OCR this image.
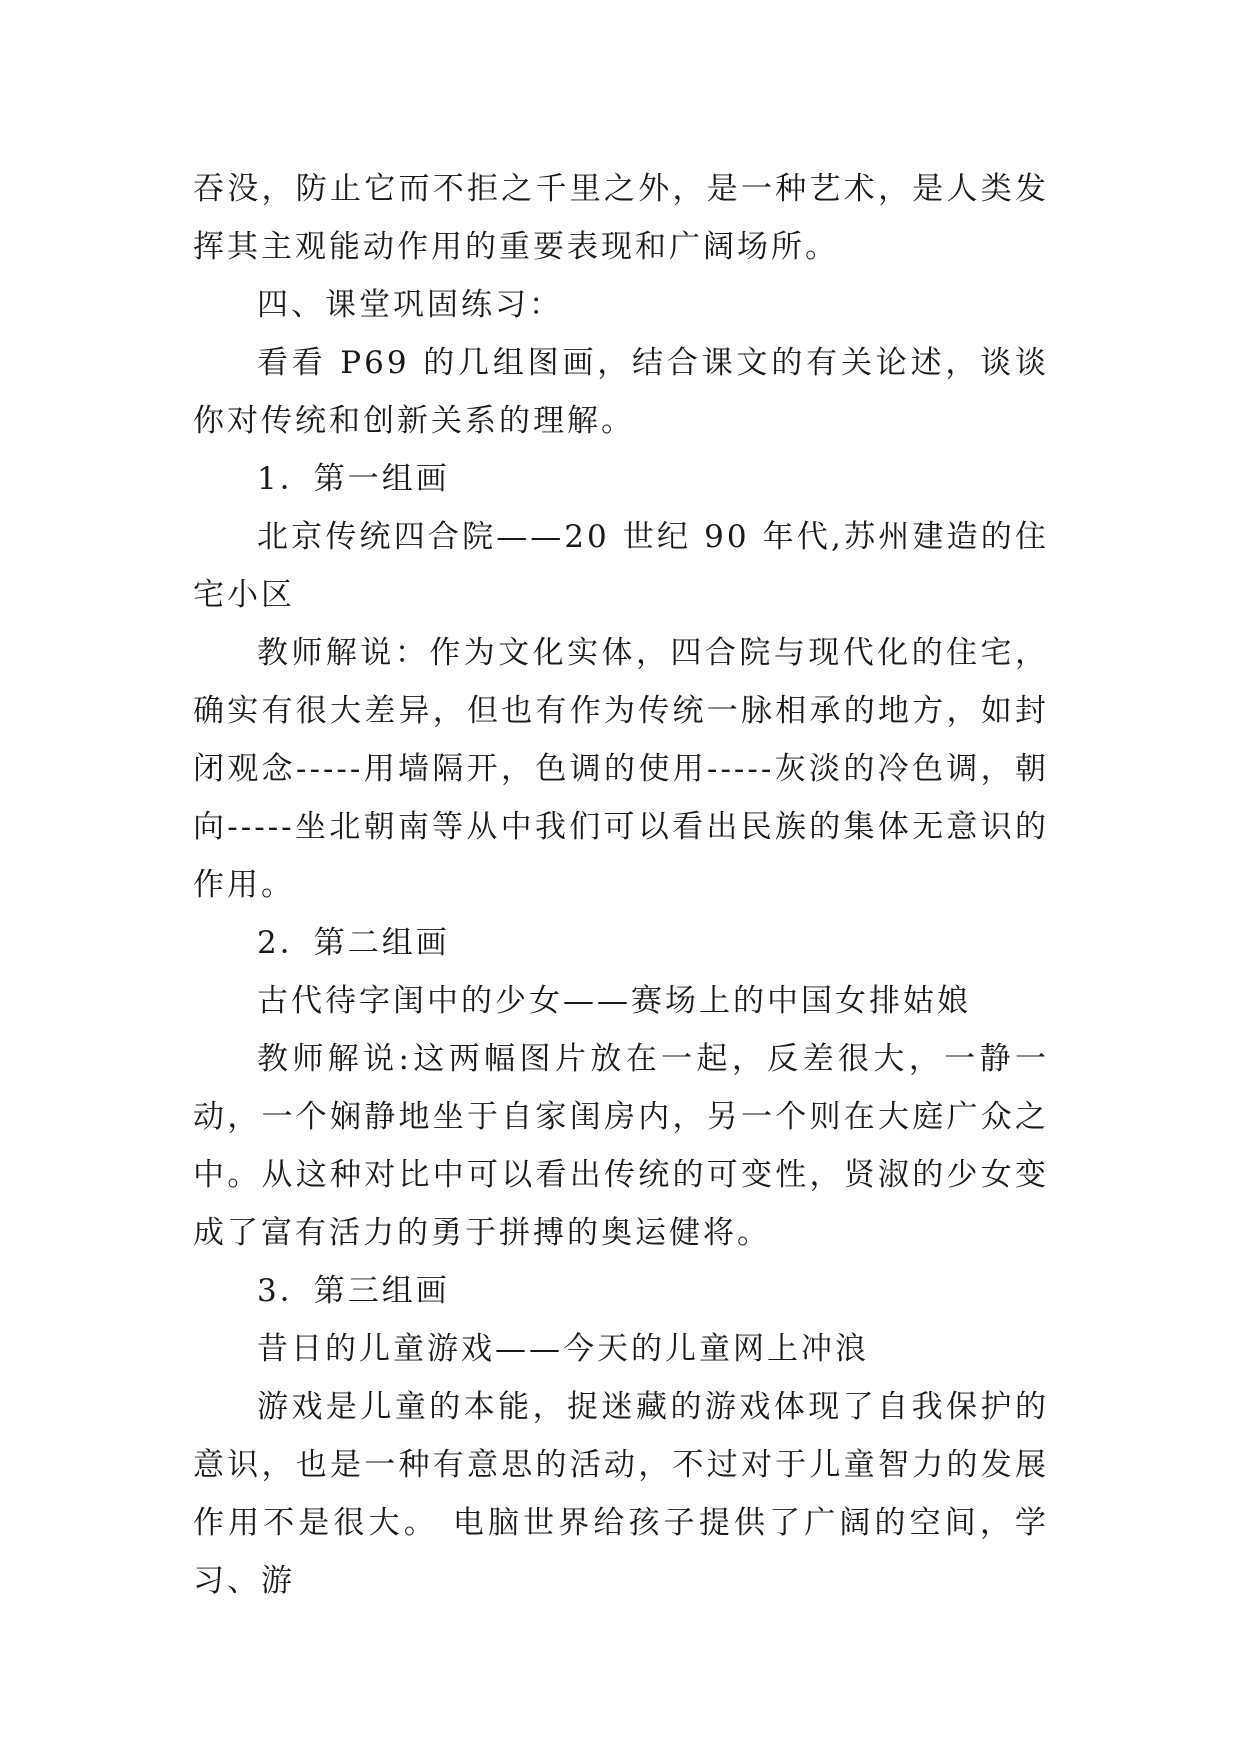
吞没，防止它而不拒之千里之外，是一种艺术，是人类发挥其主观能动作用的重要表现和广阔场所。

四、课堂巩固练习：

看看 P69 的几组图画，结合课文的有关论述，谈谈你对传统和创新关系的理解。

1．第一组画

北京传统四合院——20 世纪 90 年代,苏州建造的住宅小区

教师解说：作为文化实体，四合院与现代化的住宅，确实有很大差异，但也有作为传统一脉相承的地方，如封闭观念-----用墙隔开，色调的使用-----灰淡的冷色调，朝向-----坐北朝南等从中我们可以看出民族的集体无意识的作用。

2．第二组画

古代待字闺中的少女——赛场上的中国女排姑娘

教师解说:这两幅图片放在一起，反差很大，一静一动，一个娴静地坐于自家闺房内，另一个则在大庭广众之中。从这种对比中可以看出传统的可变性，贤淑的少女变成了富有活力的勇于拼搏的奥运健将。

3．第三组画

昔日的儿童游戏——今天的儿童网上冲浪

游戏是儿童的本能，捉迷藏的游戏体现了自我保护的意识，也是一种有意思的活动，不过对于儿童智力的发展作用不是很大。 电脑世界给孩子提供了广阔的空间，学习、游
